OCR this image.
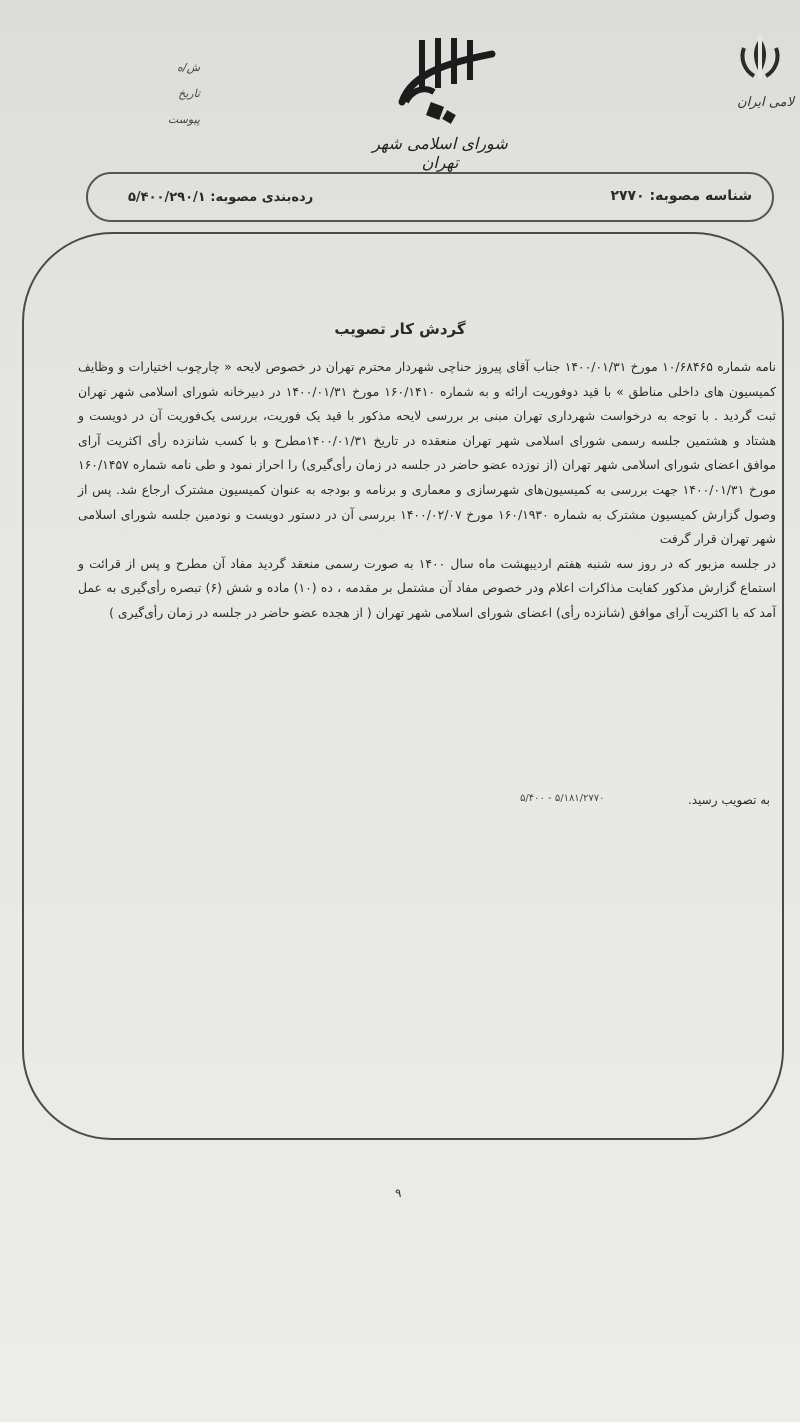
لامی ایران
شورای اسلامی شهر تهران
ش/ه
تاریخ
پیوست
شناسه مصوبه: ۲۷۷۰
رده‌بندی مصوبه: ۵/۴۰۰/۲۹۰/۱
گردش کار تصویب

نامه شماره ۱۰/۶۸۴۶۵ مورخ ۱۴۰۰/۰۱/۳۱ جناب آقای پیروز حناچی شهردار محترم تهران در خصوص لایحه « چارچوب اختیارات و وظایف کمیسیون های داخلی مناطق » با قید دوفوریت ارائه و به شماره ۱۶۰/۱۴۱۰ مورخ ۱۴۰۰/۰۱/۳۱ در دبیرخانه شورای اسلامی شهر تهران ثبت گردید . با توجه به درخواست شهرداری تهران مبنی بر بررسی لایحه مذکور با قید یک فوریت، بررسی یک‌فوریت آن در دویست و هشتاد و هشتمین جلسه رسمی شورای اسلامی شهر تهران منعقده در تاریخ ۱۴۰۰/۰۱/۳۱مطرح و با کسب شانزده رأی اکثریت آرای موافق اعضای شورای اسلامی شهر تهران (از نوزده عضو حاضر در جلسه در زمان رأی‌گیری) را احراز نمود و طی نامه شماره ۱۶۰/۱۴۵۷ مورخ ۱۴۰۰/۰۱/۳۱ جهت بررسی به کمیسیون‌های شهرسازی و معماری و برنامه و بودجه به عنوان کمیسیون مشترک ارجاع شد. پس از وصول گزارش کمیسیون مشترک به شماره ۱۶۰/۱۹۳۰ مورخ ۱۴۰۰/۰۲/۰۷ بررسی آن در دستور دویست و نودمین جلسه شورای اسلامی شهر تهران قرار گرفت

در جلسه مزبور که در روز سه شنبه هفتم اردیبهشت ماه سال ۱۴۰۰ به صورت رسمی منعقد گردید مفاد آن مطرح و پس از قرائت و استماع گزارش مذکور کفایت مذاکرات اعلام ودر خصوص مفاد آن مشتمل بر مقدمه ، ده (۱۰) ماده و شش (۶) تبصره رأی‌گیری به عمل آمد که با اکثریت آرای موافق (شانزده رأی) اعضای شورای اسلامی شهر تهران ( از هجده عضو حاضر در جلسه در زمان رأی‌گیری )

به تصویب رسید.
۵/۱۸۱/۲۷۷۰ - ۵/۴۰۰
۹
